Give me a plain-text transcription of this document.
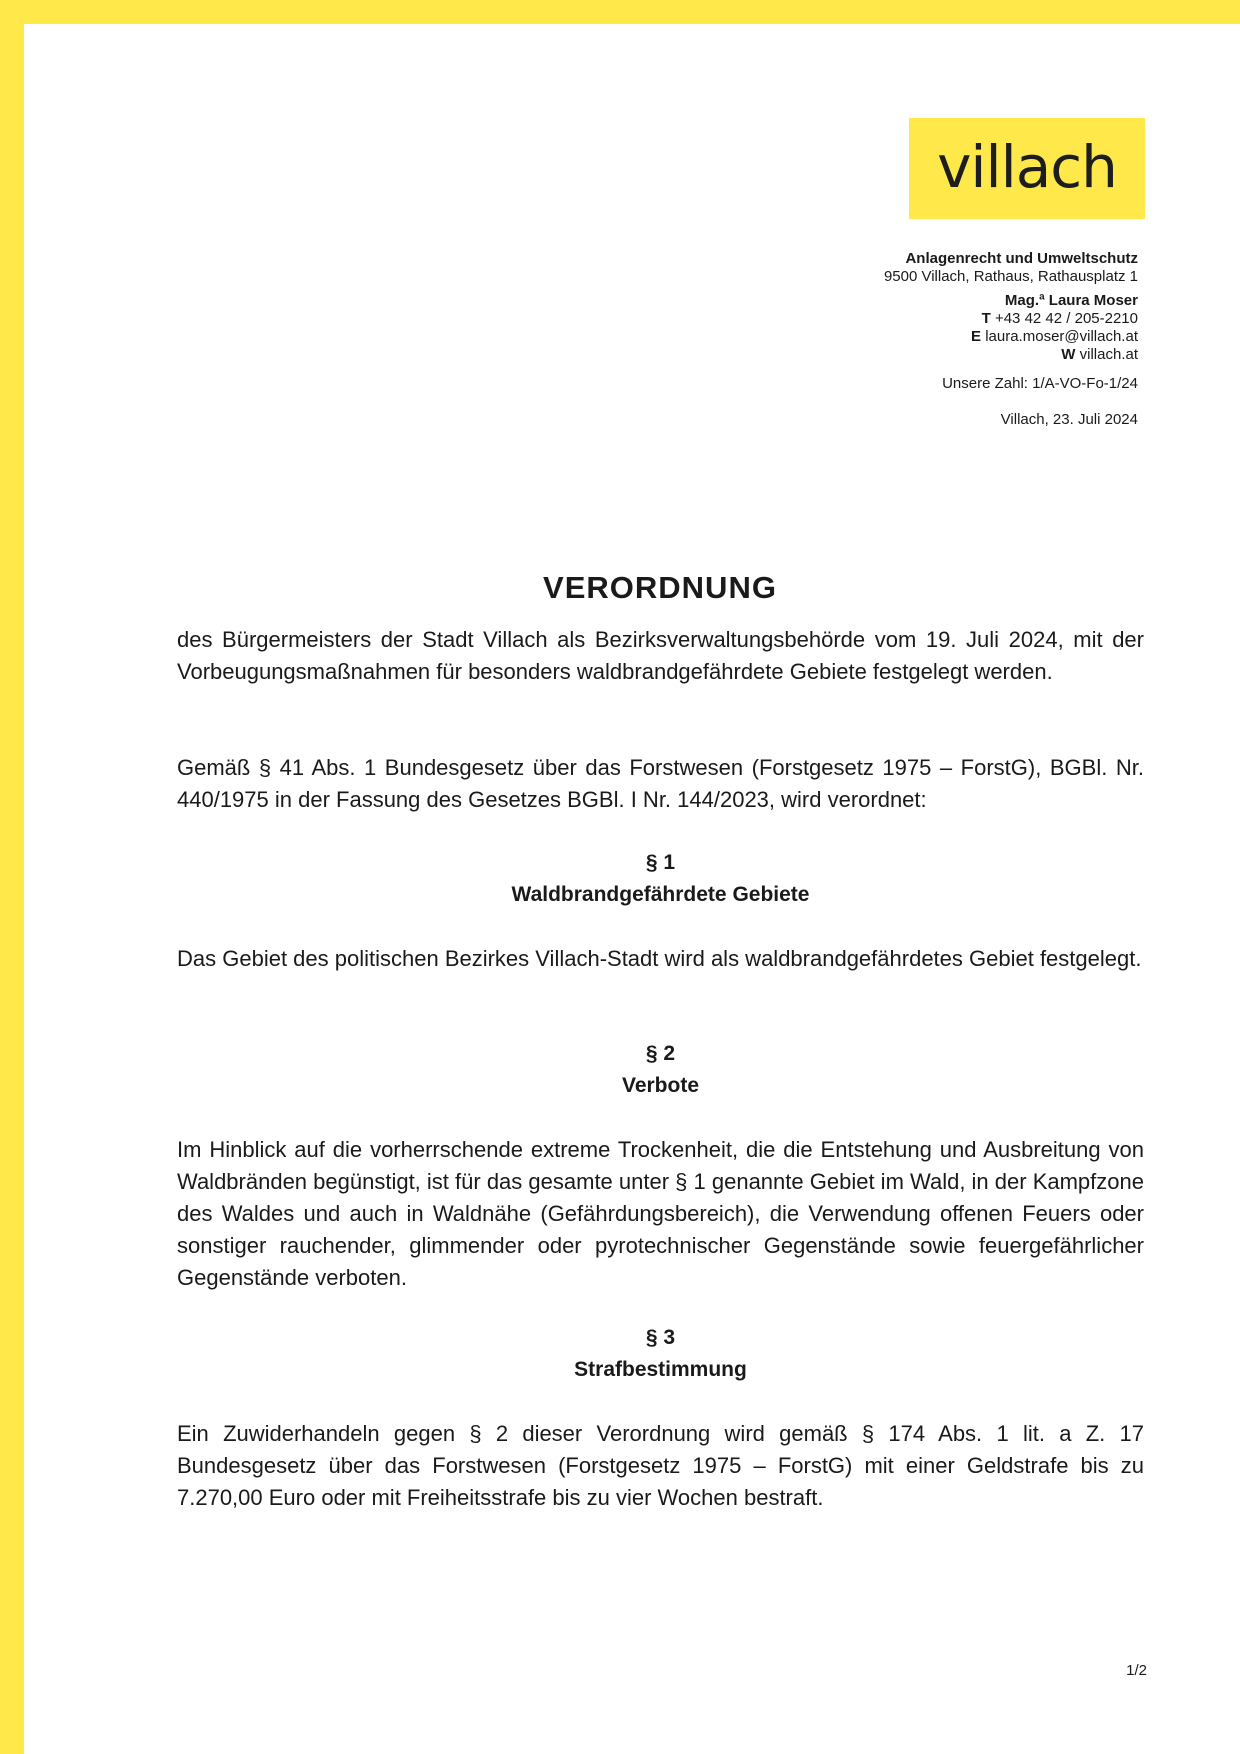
villach
Anlagenrecht und Umweltschutz
9500 Villach, Rathaus, Rathausplatz 1
Mag.ª Laura Moser
T +43 42 42 / 205-2210
E laura.moser@villach.at
W villach.at
Unsere Zahl: 1/A-VO-Fo-1/24
Villach, 23. Juli 2024
VERORDNUNG
des Bürgermeisters der Stadt Villach als Bezirksverwaltungsbehörde vom 19. Juli 2024, mit der Vorbeugungsmaßnahmen für besonders waldbrandgefährdete Gebiete festgelegt werden.
Gemäß § 41 Abs. 1 Bundesgesetz über das Forstwesen (Forstgesetz 1975 – ForstG), BGBl. Nr. 440/1975 in der Fassung des Gesetzes BGBl. I Nr. 144/2023, wird verordnet:
§ 1
Waldbrandgefährdete Gebiete
Das Gebiet des politischen Bezirkes Villach-Stadt wird als waldbrandgefährdetes Gebiet festgelegt.
§ 2
Verbote
Im Hinblick auf die vorherrschende extreme Trockenheit, die die Entstehung und Ausbreitung von Waldbränden begünstigt, ist für das gesamte unter § 1 genannte Gebiet im Wald, in der Kampfzone des Waldes und auch in Waldnähe (Gefährdungsbereich), die Verwendung offenen Feuers oder sonstiger rauchender, glimmender oder pyrotechnischer Gegenstände sowie feuergefährlicher Gegenstände verboten.
§ 3
Strafbestimmung
Ein Zuwiderhandeln gegen § 2 dieser Verordnung wird gemäß § 174 Abs. 1 lit. a Z. 17 Bundesgesetz über das Forstwesen (Forstgesetz 1975 – ForstG) mit einer Geldstrafe bis zu 7.270,00 Euro oder mit Freiheitsstrafe bis zu vier Wochen bestraft.
1/2
